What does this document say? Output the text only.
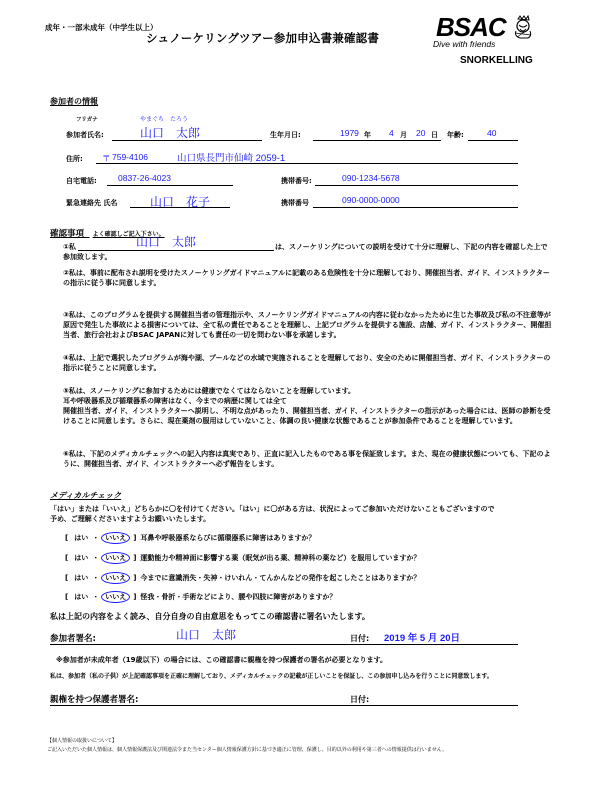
成年・一部未成年（中学生以上）
シュノーケリングツアー参加申込書兼確認書 BSAC
Dive with friends
SNORKELLING
参加者の情報
フリガナ	やまぐち　たろう
参加者氏名:	山口　太郎	生年月日:	1979 年 4 月 20 日 年齢:	40
住所: 〒 759-4106	山口県長門市仙崎 2059-1
自宅電話: 0837-26-4023	携帯番号:	090-1234-5678
緊急連絡先 氏名	山口　花子	携帯番号	090-0000-0000
確認事項 よく確認しご記入下さい。
①私	山口　太郎	は、スノーケリングについての説明を受けて十分に理解し、下記の内容を確認した上で参加致します。
②私は、事前に配布され説明を受けたスノーケリングガイドマニュアルに記載のある危険性を十分に理解しており、開催担当者、ガイド、インストラクターの指示に従う事に同意します。
③私は、このプログラムを提供する開催担当者の管理指示や、スノーケリングガイドマニュアルの内容に従わなかったために生じた事故及び私の不注意等が原因で発生した事故による損害については、全て私の責任であることを理解し、上記プログラムを提供する施設、店舗、ガイド、インストラクター、開催担当者、旅行会社およびBSAC JAPANに対しても責任の一切を問わない事を承諾します。
④私は、上記で選択したプログラムが海や湖、プールなどの水域で実施されることを理解しており、安全のために開催担当者、ガイド、インストラクターの指示に従うことに同意します。
⑤私は、スノーケリングに参加するためには健康でなくてはならないことを理解しています。
耳や呼吸器系及び循環器系の障害はなく、今までの病歴に関しては全て
開催担当者、ガイド、インストラクターへ説明し、不明な点があったり、開催担当者、ガイド、インストラクターの指示があった場合には、医師の診断を受けることに同意します。さらに、現在薬剤の服用はしていないこと、体調の良い健康な状態であることが参加条件であることを理解しています。
⑥私は、下記のメディカルチェックへの記入内容は真実であり、正直に記入したものである事を保証致します。また、現在の健康状態についても、下記のように、開催担当者、ガイド、インストラクターへ必ず報告をします。
メディカルチェック
「はい」または「いいえ」どちらかに〇を付けてください。「はい」に〇がある方は、状況によってご参加いただけないこともございますので
予め、ご理解くださいますようお願いいたします。
[ はい ・ いいえ	] 耳鼻や呼吸器系ならびに循環器系に障害はありますか？
[ はい ・ いいえ	] 運動能力や精神面に影響する薬（眠気が出る薬、精神科の薬など）を服用していますか？
[ はい ・ いいえ	] 今までに意識消失・失神・けいれん・てんかんなどの発作を起こしたことはありますか？
[ はい ・ いいえ	] 怪我・骨折・手術などにより、腰や四肢に障害がありますか？
私は上記の内容をよく読み、自分自身の自由意思をもってこの確認書に署名いたします。
参加者署名:	山口　太郎	日付: 2019 年 5 月 20日
※参加者が未成年者（19歳以下）の場合には、この確認書に親権を持つ保護者の署名が必要となります。
私は、参加者（私の子供）が上記確認事項を正確に理解しており、メディカルチェックの記載が正しいことを保証し、この参加申し込みを行うことに同意致します。
親権を持つ保護者署名:	日付:
【個人情報の取扱いについて】
ご記入いただいた個人情報は、個人情報保護法及び関連法令また当センター個人情報保護方針に基づき適正に管理、保護し、目的以外の利用や第三者への情報提供は行いません。
